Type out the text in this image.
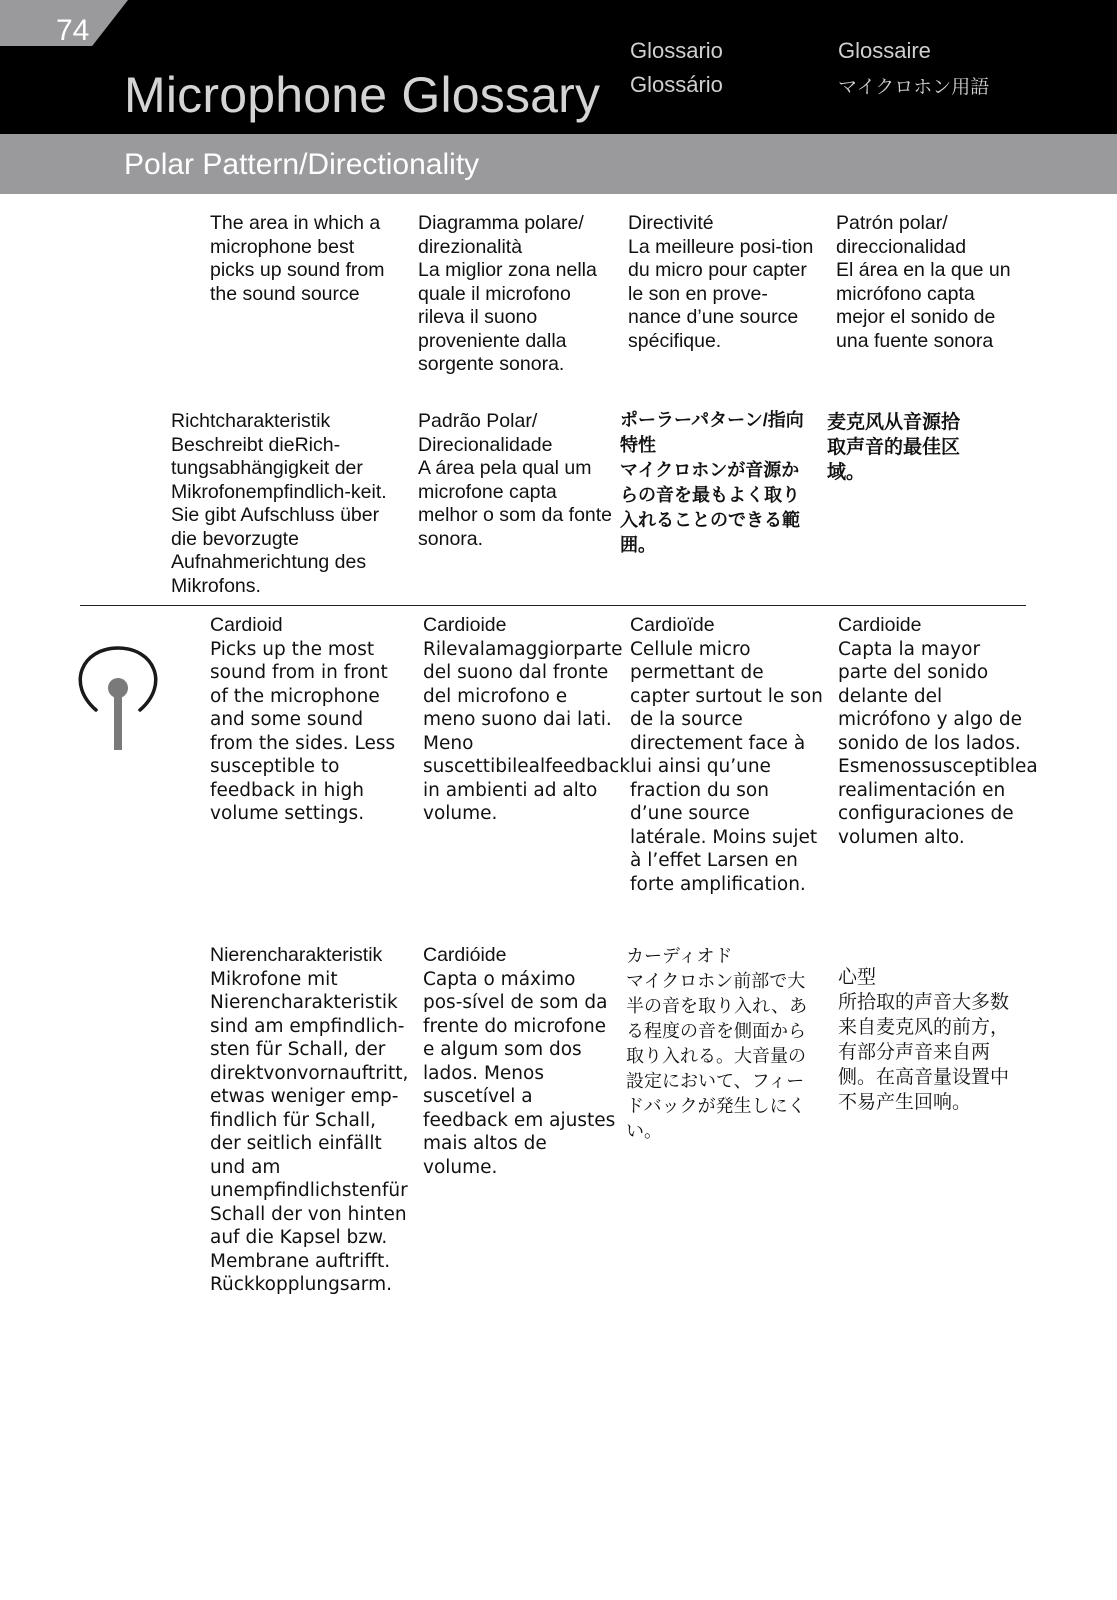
74
Microphone Glossary
Glossario	Glossaire
Glossário	マイクロホン用語
Polar Pattern/Directionality
The area in which a microphone best picks up sound from the sound source
Diagramma polare/ direzionalità
La miglior zona nella quale il microfono rileva il suono proveniente dalla sorgente sonora.
Directivité
La meilleure posi-tion du micro pour capter le son en prove-nance d’une source spécifique.
Patrón polar/ direccionalidad
El área en la que un micrófono capta mejor el sonido de una fuente sonora
Richtcharakteristik
Beschreibt dieRich-tungsabhängigkeit der Mikrofonempfindlich-keit. Sie gibt Aufschluss über die bevorzugte Aufnahmerichtung des Mikrofons.
Padrão Polar/ Direcionalidade
A área pela qual um microfone capta melhor o som da fonte sonora.
ポーラーパターン/指向特性
マイクロホンが音源からの音を最もよく取り入れることのできる範囲。
麦克风从音源拾取声音的最佳区域。
Cardioid
Picks up the most sound from in front of the microphone and some sound from the sides. Less susceptible to feedback in high volume settings.
Cardioide
Rilevalamaggiorparte del suono dal fronte del microfono e meno suono dai lati. Meno suscettibilealfeedback in ambienti ad alto volume.
Cardioïde
Cellule micro permettant de capter surtout le son de la source directement face à lui ainsi qu’une fraction du son d’une source latérale. Moins sujet à l’effet Larsen en forte amplification.
Cardioide
Capta la mayor parte del sonido delante del micrófono y algo de sonido de los lados. Esmenossusceptiblea realimentación en configuraciones de volumen alto.
Nierencharakteristik
Mikrofone mit Nierencharakteristik sind am empfindlich-sten für Schall, der direktvonvornauftritt, etwas weniger emp-findlich für Schall, der seitlich einfällt und am unempfindlichstenfür Schall der von hinten auf die Kapsel bzw. Membrane auftrifft. Rückkopplungsarm.
Cardióide
Capta o máximo pos-sível de som da frente do microfone e algum som dos lados. Menos suscetível a feedback em ajustes mais altos de volume.
カーディオド
マイクロホン前部で大半の音を取り入れ、ある程度の音を側面から取り入れる。大音量の設定において、フィードバックが発生しにくい。
心型
所拾取的声音大多数来自麦克风的前方，有部分声音来自两侧。在高音量设置中不易产生回响。
